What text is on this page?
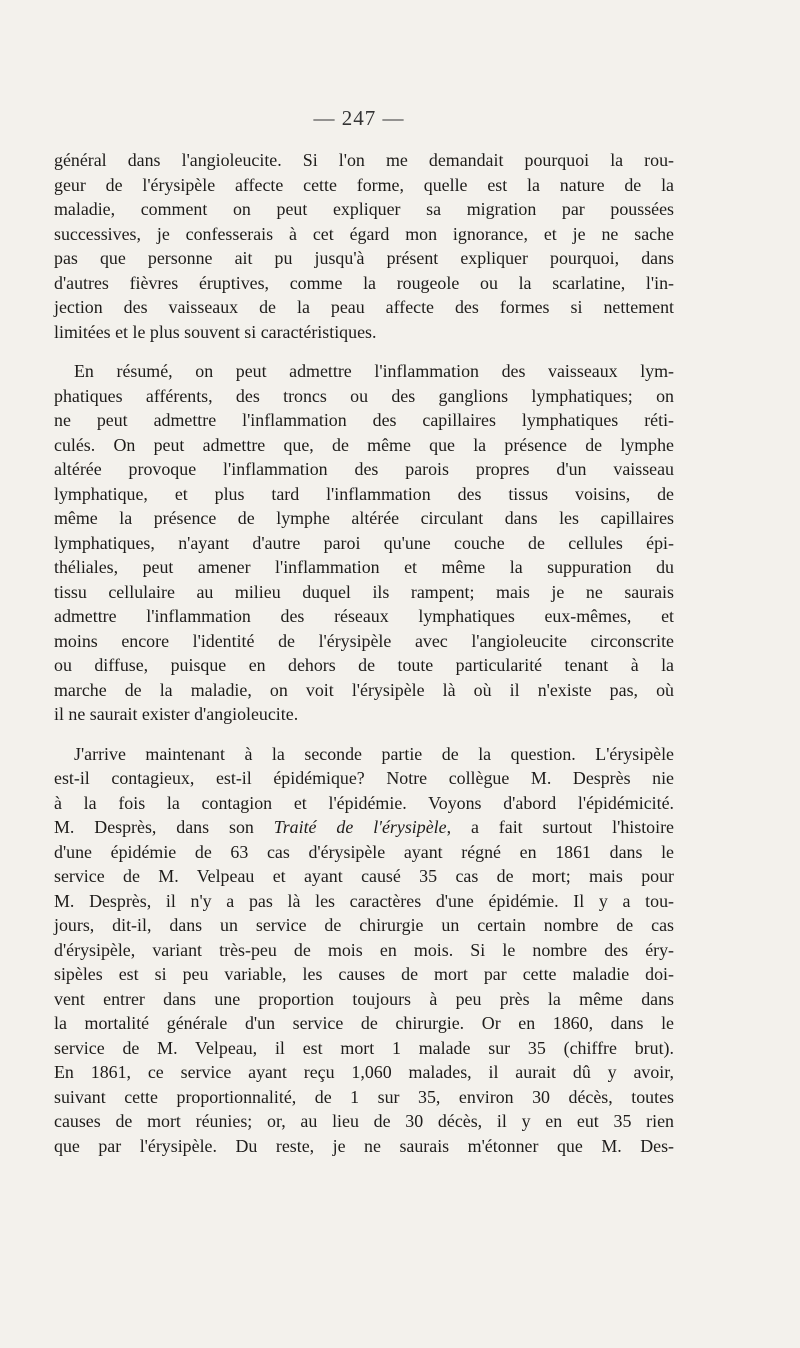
— 247 —
général dans l'angioleucite. Si l'on me demandait pourquoi la rou-
geur de l'érysipèle affecte cette forme, quelle est la nature de la
maladie, comment on peut expliquer sa migration par poussées
successives, je confesserais à cet égard mon ignorance, et je ne sache
pas que personne ait pu jusqu'à présent expliquer pourquoi, dans
d'autres fièvres éruptives, comme la rougeole ou la scarlatine, l'in-
jection des vaisseaux de la peau affecte des formes si nettement
limitées et le plus souvent si caractéristiques.
En résumé, on peut admettre l'inflammation des vaisseaux lym-
phatiques afférents, des troncs ou des ganglions lymphatiques; on
ne peut admettre l'inflammation des capillaires lymphatiques réti-
culés. On peut admettre que, de même que la présence de lymphe
altérée provoque l'inflammation des parois propres d'un vaisseau
lymphatique, et plus tard l'inflammation des tissus voisins, de
même la présence de lymphe altérée circulant dans les capillaires
lymphatiques, n'ayant d'autre paroi qu'une couche de cellules épi-
théliales, peut amener l'inflammation et même la suppuration du
tissu cellulaire au milieu duquel ils rampent; mais je ne saurais
admettre l'inflammation des réseaux lymphatiques eux-mêmes, et
moins encore l'identité de l'érysipèle avec l'angioleucite circonscrite
ou diffuse, puisque en dehors de toute particularité tenant à la
marche de la maladie, on voit l'érysipèle là où il n'existe pas, où
il ne saurait exister d'angioleucite.
J'arrive maintenant à la seconde partie de la question. L'érysipèle
est-il contagieux, est-il épidémique? Notre collègue M. Desprès nie
à la fois la contagion et l'épidémie. Voyons d'abord l'épidémicité.
M. Desprès, dans son Traité de l'érysipèle, a fait surtout l'histoire
d'une épidémie de 63 cas d'érysipèle ayant régné en 1861 dans le
service de M. Velpeau et ayant causé 35 cas de mort; mais pour
M. Desprès, il n'y a pas là les caractères d'une épidémie. Il y a tou-
jours, dit-il, dans un service de chirurgie un certain nombre de cas
d'érysipèle, variant très-peu de mois en mois. Si le nombre des éry-
sipèles est si peu variable, les causes de mort par cette maladie doi-
vent entrer dans une proportion toujours à peu près la même dans
la mortalité générale d'un service de chirurgie. Or en 1860, dans le
service de M. Velpeau, il est mort 1 malade sur 35 (chiffre brut).
En 1861, ce service ayant reçu 1,060 malades, il aurait dû y avoir,
suivant cette proportionnalité, de 1 sur 35, environ 30 décès, toutes
causes de mort réunies; or, au lieu de 30 décès, il y en eut 35 rien
que par l'érysipèle. Du reste, je ne saurais m'étonner que M. Des-
